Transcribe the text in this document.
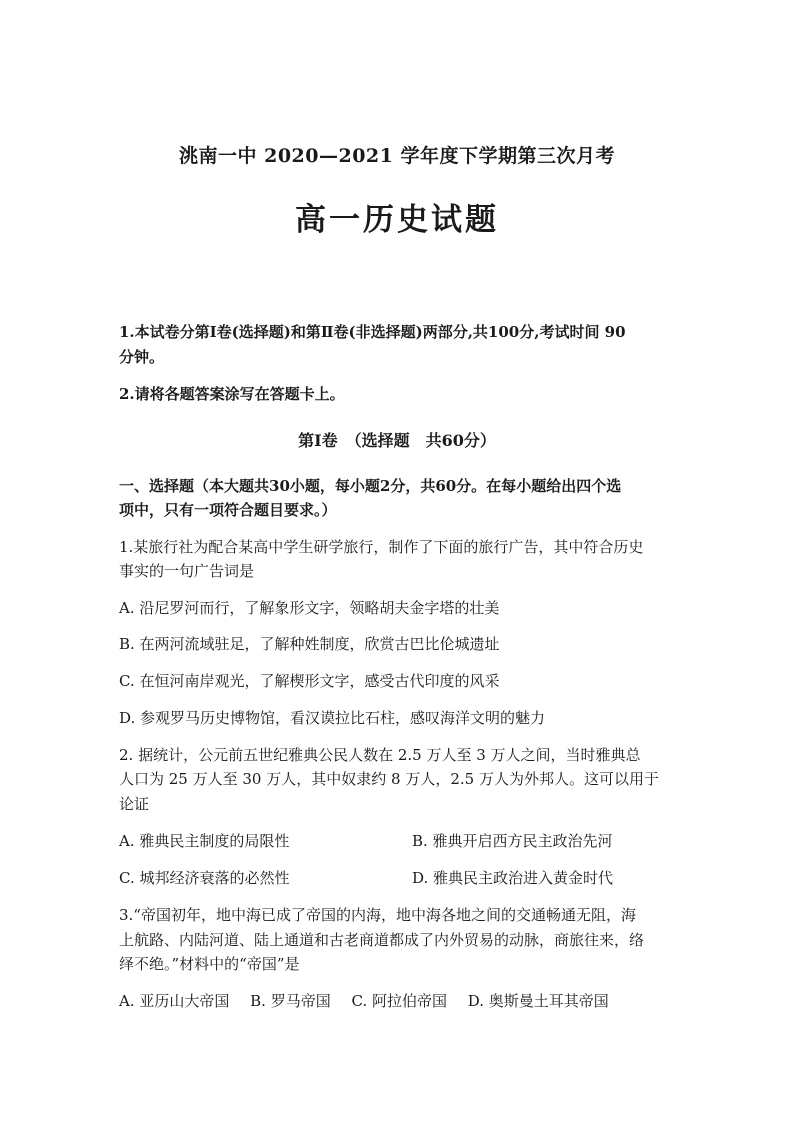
洮南一中 2020—2021 学年度下学期第三次月考
高一历史试题
1.本试卷分第Ⅰ卷(选择题)和第Ⅱ卷(非选择题)两部分,共100分,考试时间 90
分钟。
2.请将各题答案涂写在答题卡上。
第Ⅰ卷　（选择题　共60分）
一、选择题（本大题共30小题，每小题2分，共60分。在每小题给出四个选
项中，只有一项符合题目要求。）
1.某旅行社为配合某高中学生研学旅行，制作了下面的旅行广告，其中符合历史
事实的一句广告词是
A. 沿尼罗河而行，了解象形文字，领略胡夫金字塔的壮美
B. 在两河流域驻足，了解种姓制度，欣赏古巴比伦城遗址
C. 在恒河南岸观光，了解楔形文字，感受古代印度的风采
D. 参观罗马历史博物馆，看汉谟拉比石柱，感叹海洋文明的魅力
2. 据统计，公元前五世纪雅典公民人数在 2.5 万人至 3 万人之间，当时雅典总
人口为 25 万人至 30 万人，其中奴隶约 8 万人，2.5 万人为外邦人。这可以用于
论证
A. 雅典民主制度的局限性	B. 雅典开启西方民主政治先河
C. 城邦经济衰落的必然性	D. 雅典民主政治进入黄金时代
3.“帝国初年，地中海已成了帝国的内海，地中海各地之间的交通畅通无阻，海
上航路、内陆河道、陆上通道和古老商道都成了内外贸易的动脉，商旅往来，络
绎不绝。”材料中的“帝国”是
A. 亚历山大帝国 B. 罗马帝国 C. 阿拉伯帝国 D. 奥斯曼土耳其帝国
